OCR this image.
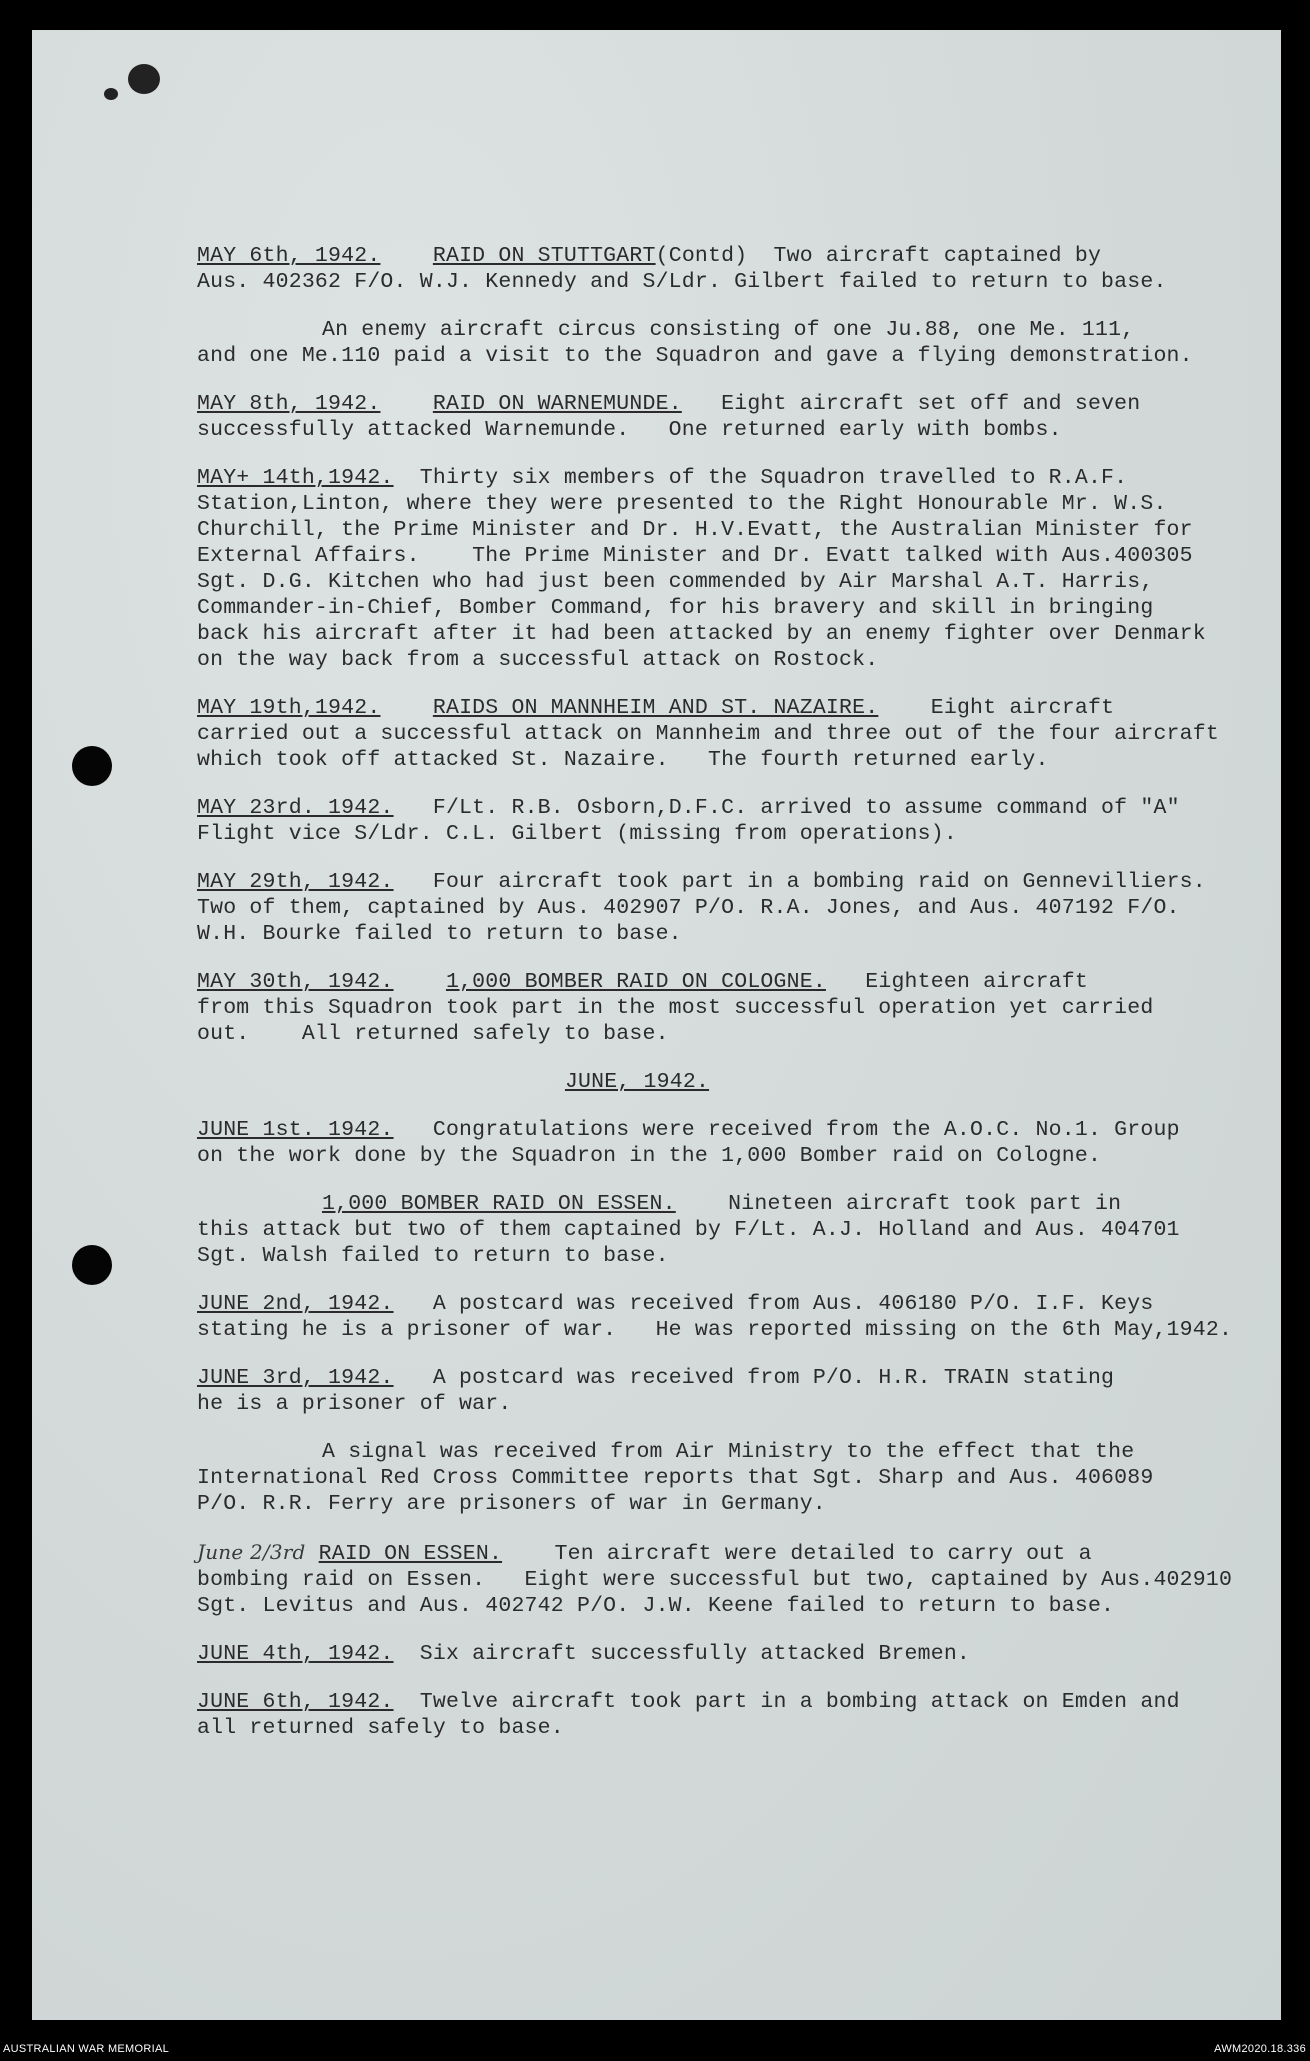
MAY 6th, 1942. RAID ON STUTTGART(Contd)  Two aircraft captained by
Aus. 402362 F/O. W.J. Kennedy and S/Ldr. Gilbert failed to return to base.
An enemy aircraft circus consisting of one Ju.88, one Me. 111,
and one Me.110 paid a visit to the Squadron and gave a flying demonstration.
MAY 8th, 1942. RAID ON WARNEMUNDE.   Eight aircraft set off and seven
successfully attacked Warnemunde.   One returned early with bombs.
MAY+ 14th,1942.  Thirty six members of the Squadron travelled to R.A.F.
Station,Linton, where they were presented to the Right Honourable Mr. W.S.
Churchill, the Prime Minister and Dr. H.V.Evatt, the Australian Minister for
External Affairs.    The Prime Minister and Dr. Evatt talked with Aus.400305
Sgt. D.G. Kitchen who had just been commended by Air Marshal A.T. Harris,
Commander-in-Chief, Bomber Command, for his bravery and skill in bringing
back his aircraft after it had been attacked by an enemy fighter over Denmark
on the way back from a successful attack on Rostock.
MAY 19th,1942. RAIDS ON MANNHEIM AND ST. NAZAIRE.    Eight aircraft
carried out a successful attack on Mannheim and three out of the four aircraft
which took off attacked St. Nazaire.   The fourth returned early.
MAY 23rd. 1942.   F/Lt. R.B. Osborn,D.F.C. arrived to assume command of "A"
Flight vice S/Ldr. C.L. Gilbert (missing from operations).
MAY 29th, 1942.   Four aircraft took part in a bombing raid on Gennevilliers.
Two of them, captained by Aus. 402907 P/O. R.A. Jones, and Aus. 407192 F/O.
W.H. Bourke failed to return to base.
MAY 30th, 1942. 1,000 BOMBER RAID ON COLOGNE.   Eighteen aircraft
from this Squadron took part in the most successful operation yet carried
out.    All returned safely to base.
JUNE, 1942.
JUNE 1st. 1942.   Congratulations were received from the A.O.C. No.1. Group
on the work done by the Squadron in the 1,000 Bomber raid on Cologne.
1,000 BOMBER RAID ON ESSEN.    Nineteen aircraft took part in
this attack but two of them captained by F/Lt. A.J. Holland and Aus. 404701
Sgt. Walsh failed to return to base.
JUNE 2nd, 1942.   A postcard was received from Aus. 406180 P/O. I.F. Keys
stating he is a prisoner of war.   He was reported missing on the 6th May,1942.
JUNE 3rd, 1942.   A postcard was received from P/O. H.R. TRAIN stating
he is a prisoner of war.
A signal was received from Air Ministry to the effect that the
International Red Cross Committee reports that Sgt. Sharp and Aus. 406089
P/O. R.R. Ferry are prisoners of war in Germany.
June 2/3rd RAID ON ESSEN.    Ten aircraft were detailed to carry out a
bombing raid on Essen.   Eight were successful but two, captained by Aus.402910
Sgt. Levitus and Aus. 402742 P/O. J.W. Keene failed to return to base.
JUNE 4th, 1942.  Six aircraft successfully attacked Bremen.
JUNE 6th, 1942.  Twelve aircraft took part in a bombing attack on Emden and
all returned safely to base.
AUSTRALIAN WAR MEMORIAL	AWM2020.18.336
